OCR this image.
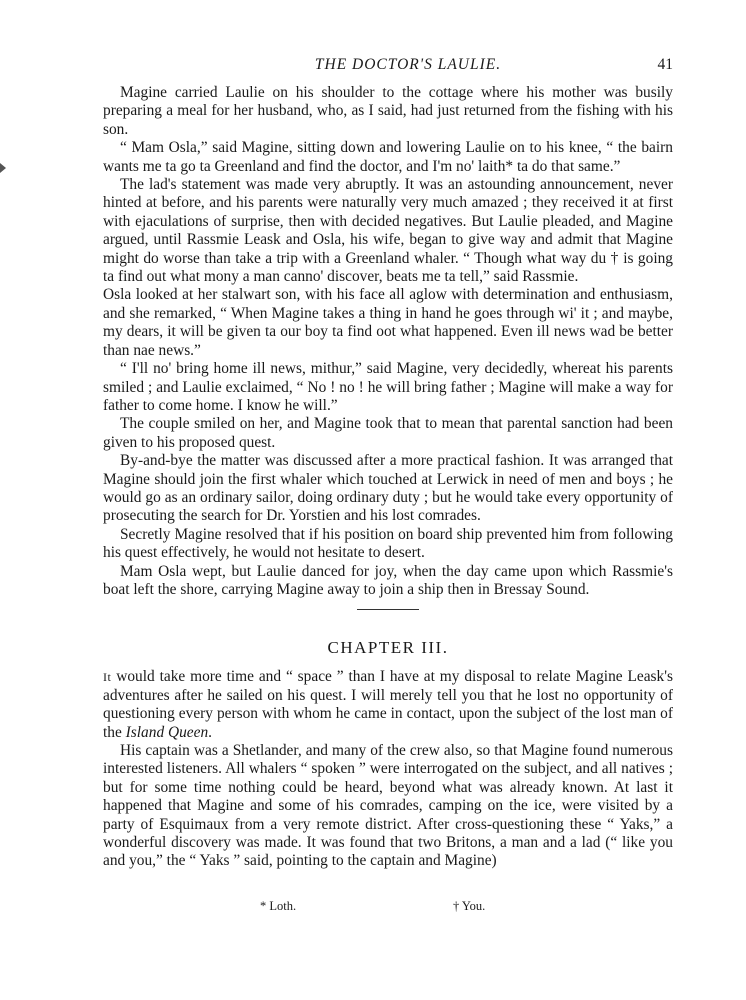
THE DOCTOR'S LAULIE.	41

Magine carried Laulie on his shoulder to the cottage where his mother was busily preparing a meal for her husband, who, as I said, had just returned from the fishing with his son.

“ Mam Osla,” said Magine, sitting down and lowering Laulie on to his knee, “ the bairn wants me ta go ta Greenland and find the doctor, and I'm no' laith* ta do that same.”

The lad's statement was made very abruptly. It was an astounding announcement, never hinted at before, and his parents were naturally very much amazed ; they received it at first with ejaculations of surprise, then with decided negatives. But Laulie pleaded, and Magine argued, until Rassmie Leask and Osla, his wife, began to give way and admit that Magine might do worse than take a trip with a Greenland whaler. “ Though what way du † is going ta find out what mony a man canno' discover, beats me ta tell,” said Rassmie.

Osla looked at her stalwart son, with his face all aglow with determination and enthusiasm, and she remarked, “ When Magine takes a thing in hand he goes through wi' it ; and maybe, my dears, it will be given ta our boy ta find oot what happened. Even ill news wad be better than nae news.”

“ I'll no' bring home ill news, mithur,” said Magine, very decidedly, whereat his parents smiled ; and Laulie exclaimed, “ No ! no ! he will bring father ; Magine will make a way for father to come home. I know he will.”

The couple smiled on her, and Magine took that to mean that parental sanction had been given to his proposed quest.

By-and-bye the matter was discussed after a more practical fashion. It was arranged that Magine should join the first whaler which touched at Lerwick in need of men and boys ; he would go as an ordinary sailor, doing ordinary duty ; but he would take every opportunity of prosecuting the search for Dr. Yorstien and his lost comrades.

Secretly Magine resolved that if his position on board ship prevented him from following his quest effectively, he would not hesitate to desert.

Mam Osla wept, but Laulie danced for joy, when the day came upon which Rassmie's boat left the shore, carrying Magine away to join a ship then in Bressay Sound.

CHAPTER III.

It would take more time and “ space ” than I have at my disposal to relate Magine Leask's adventures after he sailed on his quest. I will merely tell you that he lost no opportunity of questioning every person with whom he came in contact, upon the subject of the lost man of the Island Queen.

His captain was a Shetlander, and many of the crew also, so that Magine found numerous interested listeners. All whalers “ spoken ” were interrogated on the subject, and all natives ; but for some time nothing could be heard, beyond what was already known. At last it happened that Magine and some of his comrades, camping on the ice, were visited by a party of Esquimaux from a very remote district. After cross-questioning these “ Yaks,” a wonderful discovery was made. It was found that two Britons, a man and a lad (“ like you and you,” the “ Yaks ” said, pointing to the captain and Magine)

* Loth.	† You.
